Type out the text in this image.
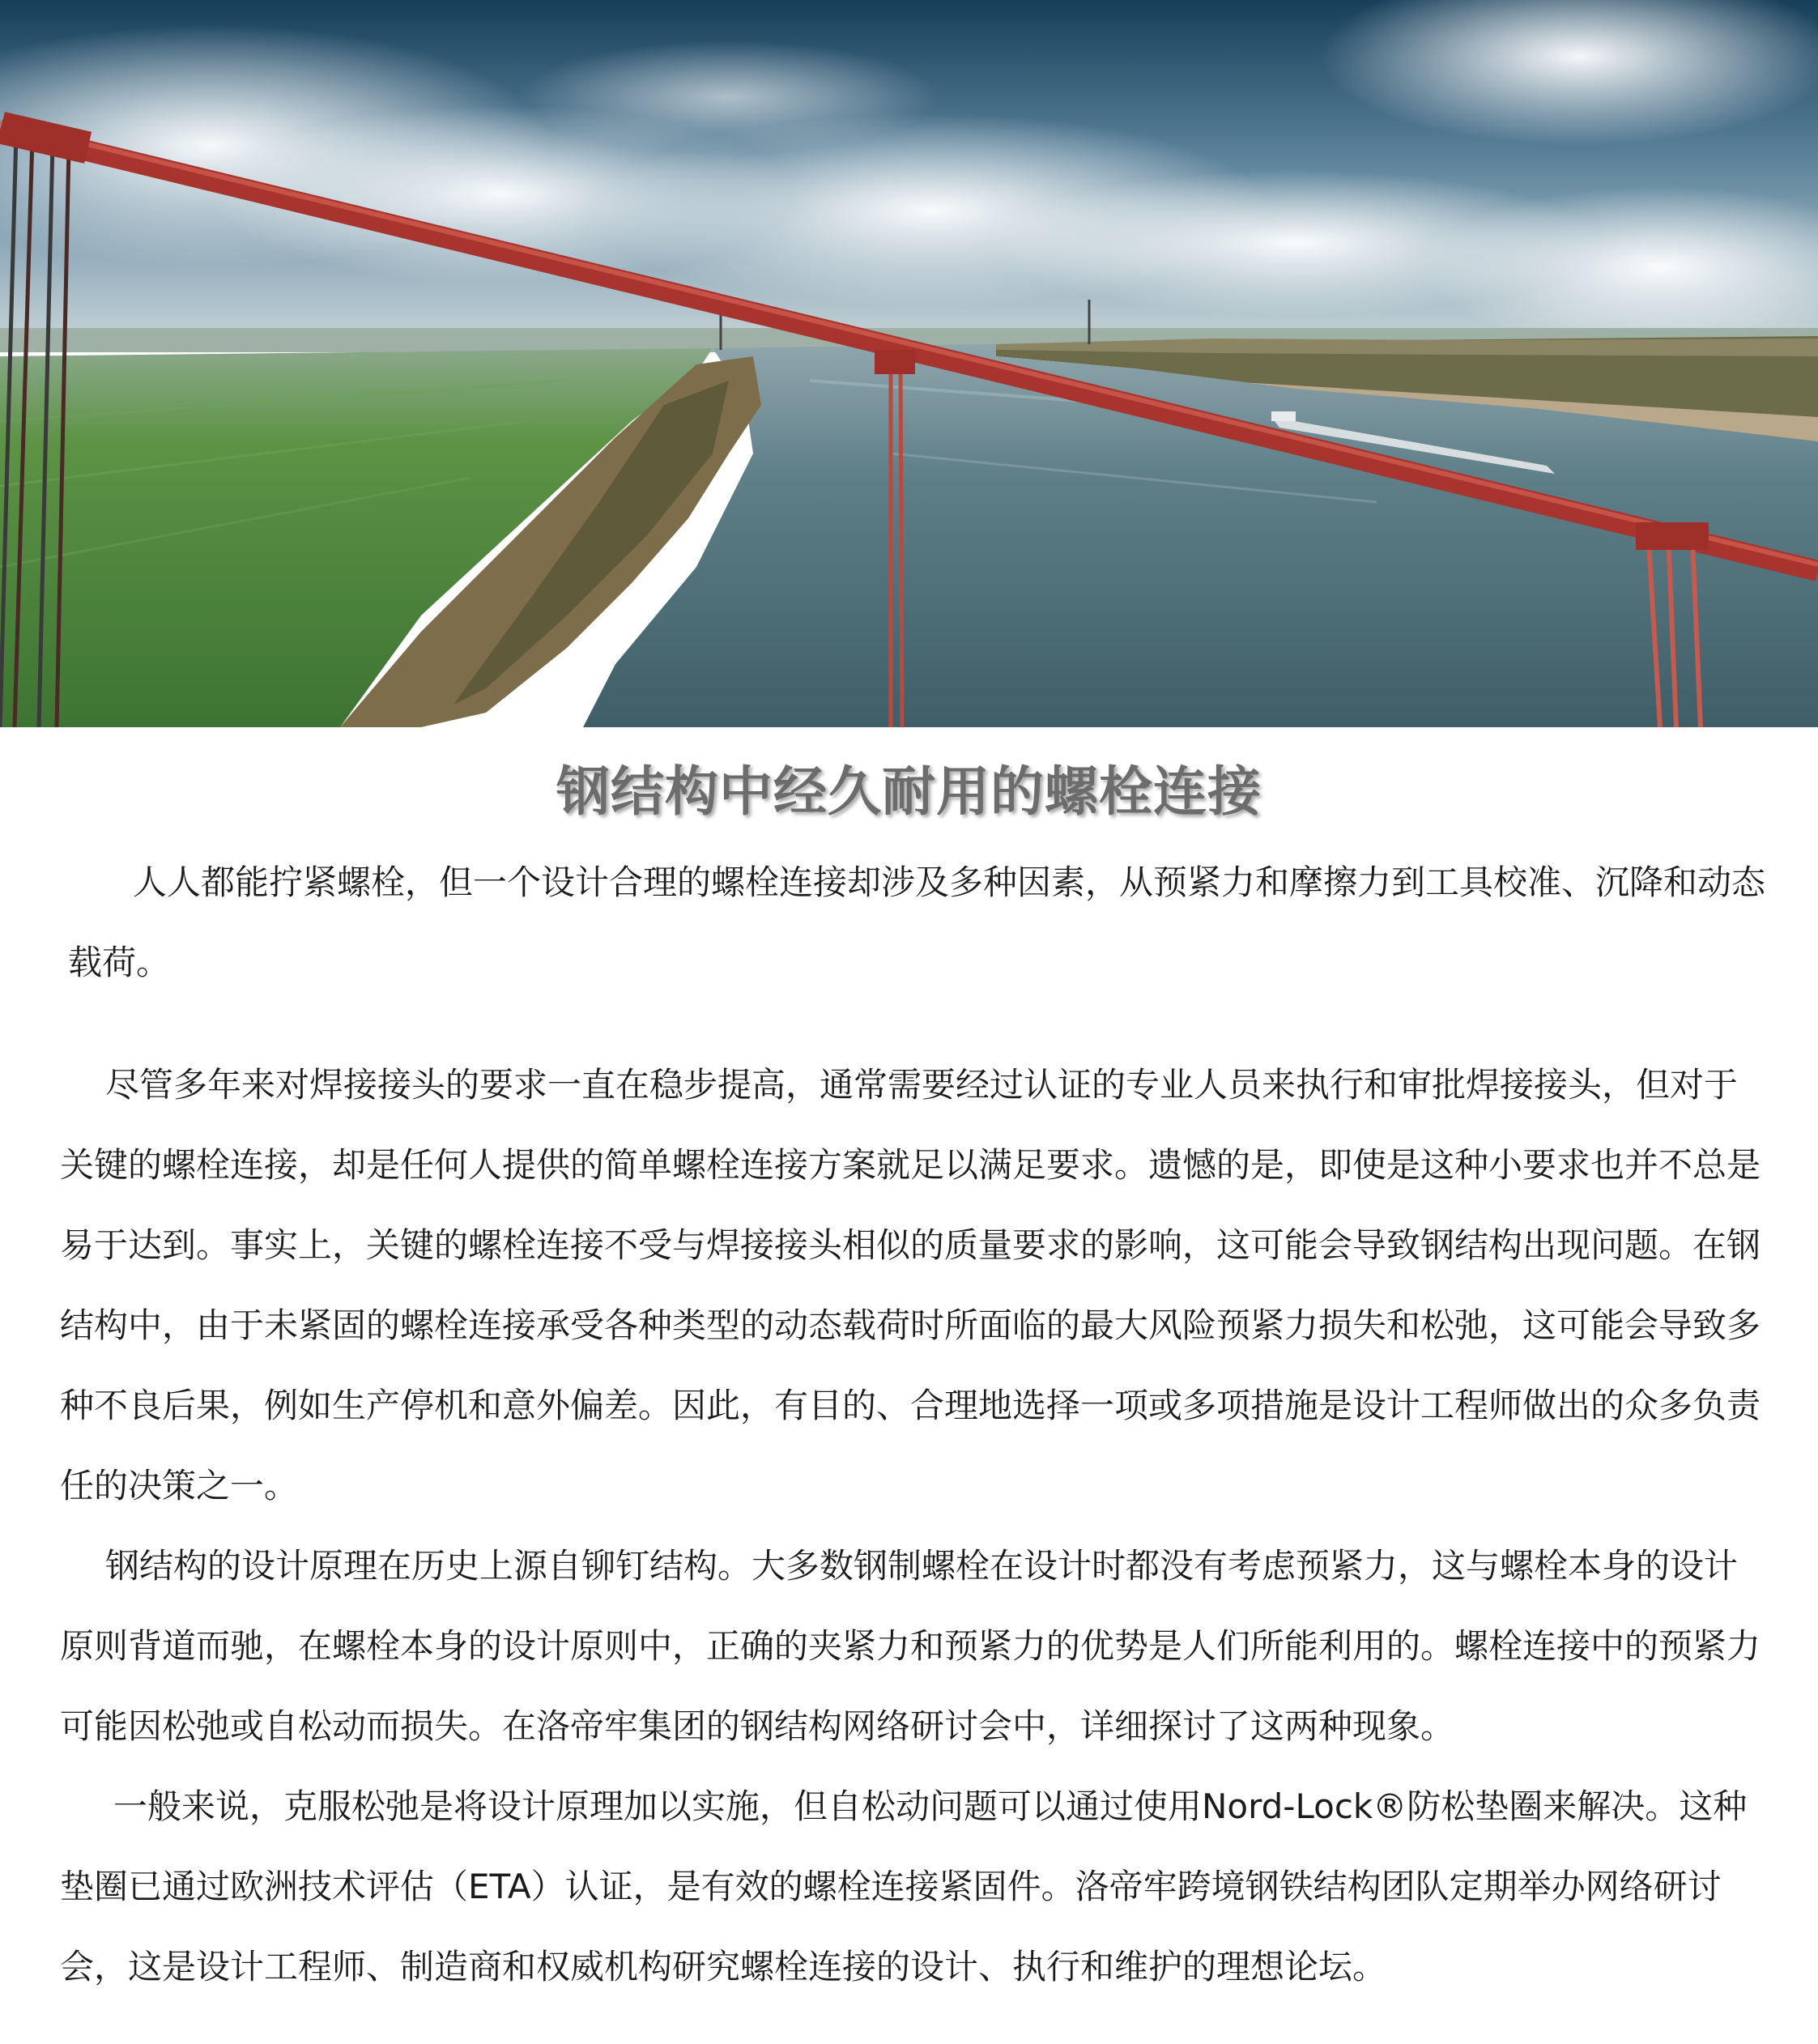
钢结构中经久耐用的螺栓连接

人人都能拧紧螺栓，但一个设计合理的螺栓连接却涉及多种因素，从预紧力和摩擦力到工具校准、沉降和动态载荷。

尽管多年来对焊接接头的要求一直在稳步提高，通常需要经过认证的专业人员来执行和审批焊接接头，但对于关键的螺栓连接，却是任何人提供的简单螺栓连接方案就足以满足要求。遗憾的是，即使是这种小要求也并不总是易于达到。事实上，关键的螺栓连接不受与焊接接头相似的质量要求的影响，这可能会导致钢结构出现问题。在钢结构中，由于未紧固的螺栓连接承受各种类型的动态载荷时所面临的最大风险预紧力损失和松弛，这可能会导致多种不良后果，例如生产停机和意外偏差。因此，有目的、合理地选择一项或多项措施是设计工程师做出的众多负责任的决策之一。

钢结构的设计原理在历史上源自铆钉结构。大多数钢制螺栓在设计时都没有考虑预紧力，这与螺栓本身的设计原则背道而驰，在螺栓本身的设计原则中，正确的夹紧力和预紧力的优势是人们所能利用的。螺栓连接中的预紧力可能因松弛或自松动而损失。在洛帝牢集团的钢结构网络研讨会中，详细探讨了这两种现象。

一般来说，克服松弛是将设计原理加以实施，但自松动问题可以通过使用Nord-Lock®防松垫圈来解决。这种垫圈已通过欧洲技术评估（ETA）认证，是有效的螺栓连接紧固件。洛帝牢跨境钢铁结构团队定期举办网络研讨会，这是设计工程师、制造商和权威机构研究螺栓连接的设计、执行和维护的理想论坛。
